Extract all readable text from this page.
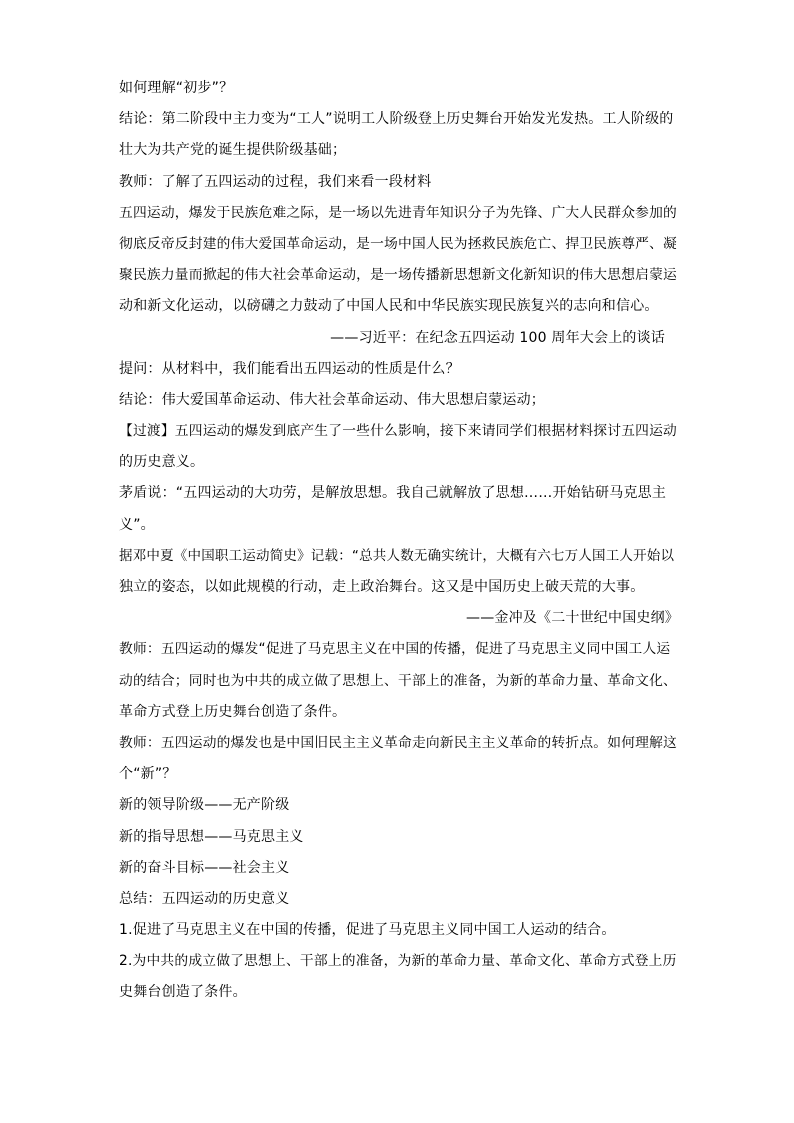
如何理解“初步”？
结论：第二阶段中主力变为“工人”说明工人阶级登上历史舞台开始发光发热。工人阶级的
壮大为共产党的诞生提供阶级基础；
教师：了解了五四运动的过程，我们来看一段材料
五四运动，爆发于民族危难之际，是一场以先进青年知识分子为先锋、广大人民群众参加的
彻底反帝反封建的伟大爱国革命运动，是一场中国人民为拯救民族危亡、捍卫民族尊严、凝
聚民族力量而掀起的伟大社会革命运动，是一场传播新思想新文化新知识的伟大思想启蒙运
动和新文化运动，以磅礴之力鼓动了中国人民和中华民族实现民族复兴的志向和信心。
——习近平：在纪念五四运动 100 周年大会上的谈话
提问：从材料中，我们能看出五四运动的性质是什么？
结论：伟大爱国革命运动、伟大社会革命运动、伟大思想启蒙运动；
【过渡】五四运动的爆发到底产生了一些什么影响，接下来请同学们根据材料探讨五四运动
的历史意义。
茅盾说：“五四运动的大功劳，是解放思想。我自己就解放了思想……开始钻研马克思主
义”。
据邓中夏《中国职工运动简史》记载：“总共人数无确实统计，大概有六七万人国工人开始以
独立的姿态，以如此规模的行动，走上政治舞台。这又是中国历史上破天荒的大事。
——金冲及《二十世纪中国史纲》
教师：五四运动的爆发“促进了马克思主义在中国的传播，促进了马克思主义同中国工人运
动的结合；同时也为中共的成立做了思想上、干部上的准备，为新的革命力量、革命文化、
革命方式登上历史舞台创造了条件。
教师：五四运动的爆发也是中国旧民主主义革命走向新民主主义革命的转折点。如何理解这
个“新”？
新的领导阶级——无产阶级
新的指导思想——马克思主义
新的奋斗目标——社会主义
总结：五四运动的历史意义
1.促进了马克思主义在中国的传播，促进了马克思主义同中国工人运动的结合。
2.为中共的成立做了思想上、干部上的准备，为新的革命力量、革命文化、革命方式登上历
史舞台创造了条件。
